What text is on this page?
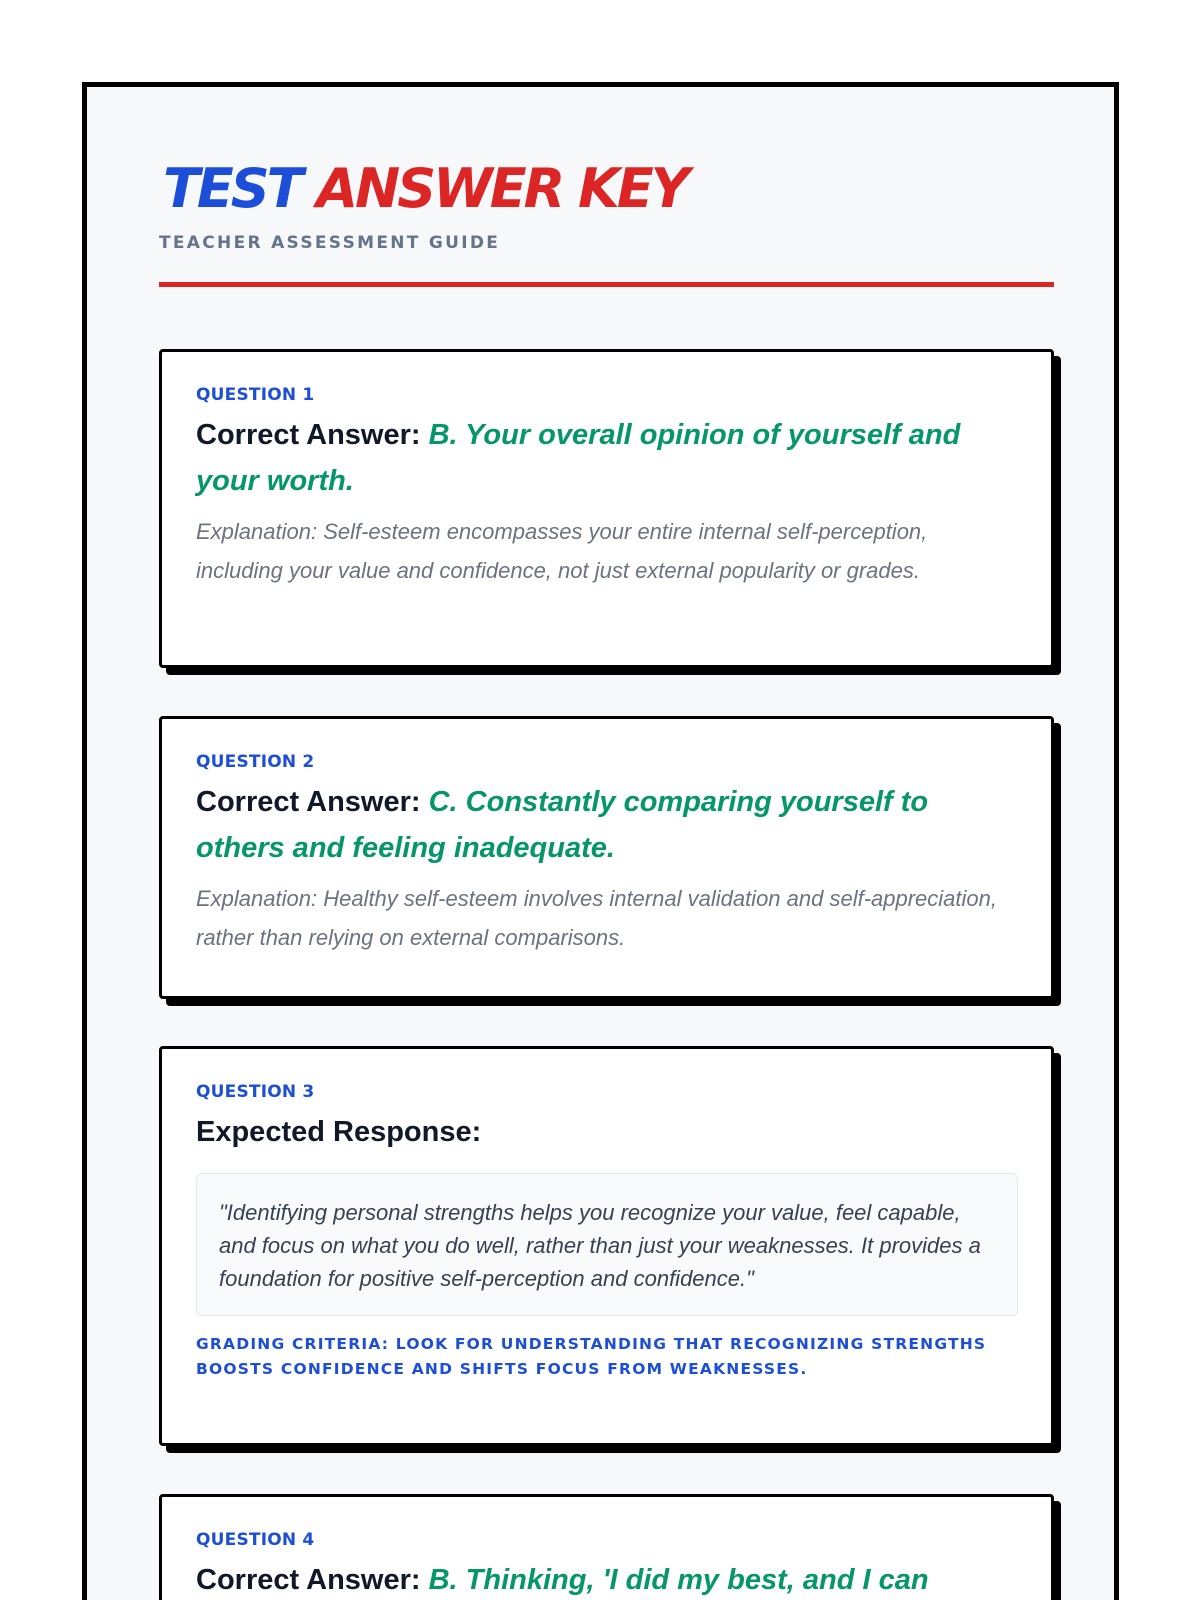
TEST ANSWER KEY
TEACHER ASSESSMENT GUIDE
QUESTION 1
Correct Answer: B. Your overall opinion of yourself and your worth.
Explanation: Self-esteem encompasses your entire internal self-perception, including your value and confidence, not just external popularity or grades.
QUESTION 2
Correct Answer: C. Constantly comparing yourself to others and feeling inadequate.
Explanation: Healthy self-esteem involves internal validation and self-appreciation, rather than relying on external comparisons.
QUESTION 3
Expected Response:
"Identifying personal strengths helps you recognize your value, feel capable, and focus on what you do well, rather than just your weaknesses. It provides a foundation for positive self-perception and confidence."
GRADING CRITERIA: LOOK FOR UNDERSTANDING THAT RECOGNIZING STRENGTHS BOOSTS CONFIDENCE AND SHIFTS FOCUS FROM WEAKNESSES.
QUESTION 4
Correct Answer: B. Thinking, 'I did my best, and I can
